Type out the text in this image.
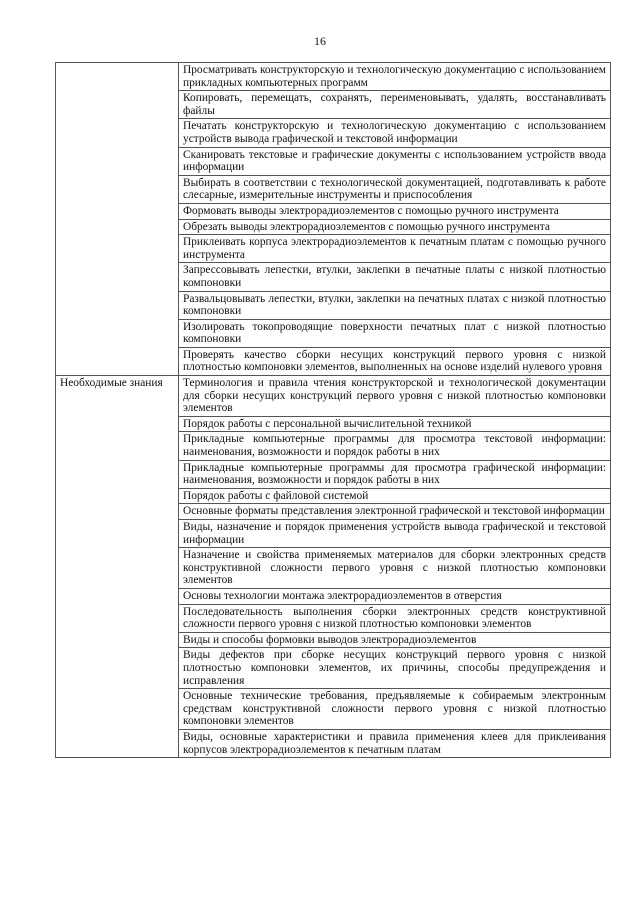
16
	Просматривать конструкторскую и технологическую документацию с использованием прикладных компьютерных программ
	Копировать, перемещать, сохранять, переименовывать, удалять, восстанавливать файлы
	Печатать конструкторскую и технологическую документацию с использованием устройств вывода графической и текстовой информации
	Сканировать текстовые и графические документы с использованием устройств ввода информации
	Выбирать в соответствии с технологической документацией, подготавливать к работе слесарные, измерительные инструменты и приспособления
	Формовать выводы электрорадиоэлементов с помощью ручного инструмента
	Обрезать выводы электрорадиоэлементов с помощью ручного инструмента
	Приклеивать корпуса электрорадиоэлементов к печатным платам с помощью ручного инструмента
	Запрессовывать лепестки, втулки, заклепки в печатные платы с низкой плотностью компоновки
	Развальцовывать лепестки, втулки, заклепки на печатных платах с низкой плотностью компоновки
	Изолировать токопроводящие поверхности печатных плат с низкой плотностью компоновки
	Проверять качество сборки несущих конструкций первого уровня с низкой плотностью компоновки элементов, выполненных на основе изделий нулевого уровня
Необходимые знания	Терминология и правила чтения конструкторской и технологической документации для сборки несущих конструкций первого уровня с низкой плотностью компоновки элементов
	Порядок работы с персональной вычислительной техникой
	Прикладные компьютерные программы для просмотра текстовой информации: наименования, возможности и порядок работы в них
	Прикладные компьютерные программы для просмотра графической информации: наименования, возможности и порядок работы в них
	Порядок работы с файловой системой
	Основные форматы представления электронной графической и текстовой информации
	Виды, назначение и порядок применения устройств вывода графической и текстовой информации
	Назначение и свойства применяемых материалов для сборки электронных средств конструктивной сложности первого уровня с низкой плотностью компоновки элементов
	Основы технологии монтажа электрорадиоэлементов в отверстия
	Последовательность выполнения сборки электронных средств конструктивной сложности первого уровня с низкой плотностью компоновки элементов
	Виды и способы формовки выводов электрорадиоэлементов
	Виды дефектов при сборке несущих конструкций первого уровня с низкой плотностью компоновки элементов, их причины, способы предупреждения и исправления
	Основные технические требования, предъявляемые к собираемым электронным средствам конструктивной сложности первого уровня с низкой плотностью компоновки элементов
	Виды, основные характеристики и правила применения клеев для приклеивания корпусов электрорадиоэлементов к печатным платам
